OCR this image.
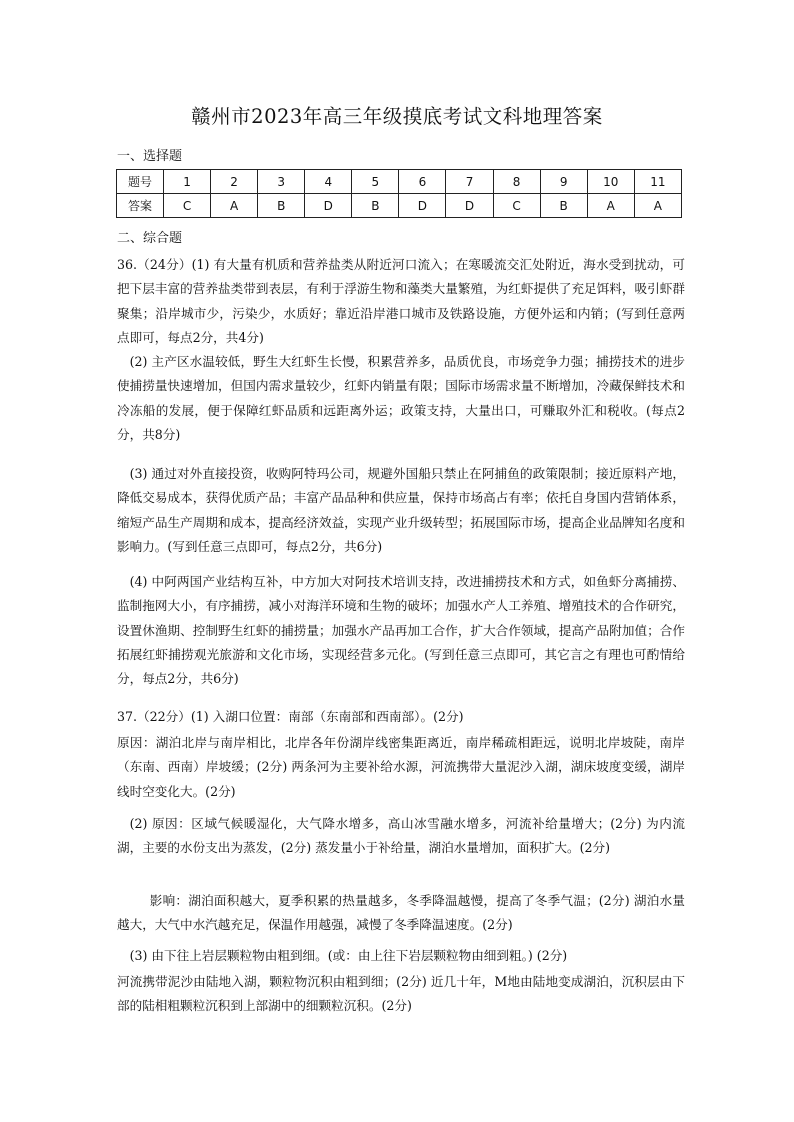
赣州市2023年高三年级摸底考试文科地理答案
一、选择题
题号	1	2	3	4	5	6	7	8	9	10	11
答案	C	A	B	D	B	D	D	C	B	A	A
二、综合题
36.（24分）(1) 有大量有机质和营养盐类从附近河口流入；在寒暖流交汇处附近，海水受到扰动，可把下层丰富的营养盐类带到表层，有利于浮游生物和藻类大量繁殖，为红虾提供了充足饵料，吸引虾群聚集；沿岸城市少，污染少，水质好；靠近沿岸港口城市及铁路设施，方便外运和内销；(写到任意两点即可，每点2分，共4分)
(2) 主产区水温较低，野生大红虾生长慢，积累营养多，品质优良，市场竞争力强；捕捞技术的进步使捕捞量快速增加，但国内需求量较少，红虾内销量有限；国际市场需求量不断增加，冷藏保鲜技术和冷冻船的发展，便于保障红虾品质和远距离外运；政策支持，大量出口，可赚取外汇和税收。(每点2分，共8分)
(3) 通过对外直接投资，收购阿特玛公司，规避外国船只禁止在阿捕鱼的政策限制；接近原料产地，降低交易成本，获得优质产品；丰富产品品种和供应量，保持市场高占有率；依托自身国内营销体系，缩短产品生产周期和成本，提高经济效益，实现产业升级转型；拓展国际市场，提高企业品牌知名度和影响力。(写到任意三点即可，每点2分，共6分)
(4) 中阿两国产业结构互补，中方加大对阿技术培训支持，改进捕捞技术和方式，如鱼虾分离捕捞、监制拖网大小，有序捕捞，减小对海洋环境和生物的破坏；加强水产人工养殖、增殖技术的合作研究，设置休渔期、控制野生红虾的捕捞量；加强水产品再加工合作，扩大合作领域，提高产品附加值；合作拓展红虾捕捞观光旅游和文化市场，实现经营多元化。(写到任意三点即可，其它言之有理也可酌情给分，每点2分，共6分)
37.（22分）(1) 入湖口位置：南部（东南部和西南部）。(2分)
原因：湖泊北岸与南岸相比，北岸各年份湖岸线密集距离近，南岸稀疏相距远，说明北岸坡陡，南岸（东南、西南）岸坡缓；(2分) 两条河为主要补给水源，河流携带大量泥沙入湖，湖床坡度变缓，湖岸线时空变化大。(2分)
(2) 原因：区域气候暖湿化，大气降水增多，高山冰雪融水增多，河流补给量增大；(2分) 为内流湖，主要的水份支出为蒸发，(2分) 蒸发量小于补给量，湖泊水量增加，面积扩大。(2分)
影响：湖泊面积越大，夏季积累的热量越多，冬季降温越慢，提高了冬季气温；(2分) 湖泊水量越大，大气中水汽越充足，保温作用越强，减慢了冬季降温速度。(2分)
(3) 由下往上岩层颗粒物由粗到细。(或：由上往下岩层颗粒物由细到粗。) (2分)
河流携带泥沙由陆地入湖，颗粒物沉积由粗到细；(2分) 近几十年，M地由陆地变成湖泊，沉积层由下部的陆相粗颗粒沉积到上部湖中的细颗粒沉积。(2分)
